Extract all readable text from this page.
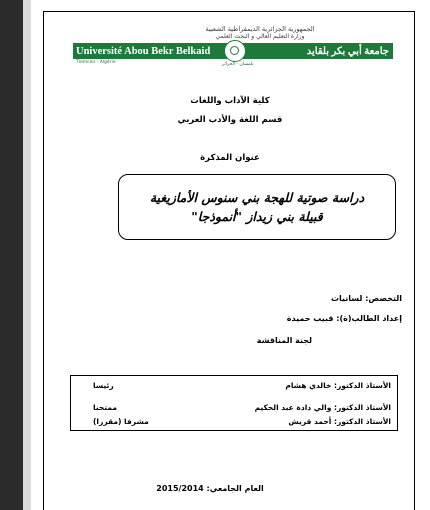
الجمهورية الجزائرية الديمقراطية الشعبية
وزارة التعليم العالي و البحث العلمي
Université Abou Bekr Belkaid	جامعة أبي بكر بلقايد
Tlemcen - Algérie	تلمسان - الجزائر
كلية الآداب واللغات
قسم اللغة والأدب العربي
عنوان المذكرة
دراسة صوتية للهجة بني سنوس الأمازيغية
قبيلة بني زيداز "أنموذجا"
التخصص: لسانيات
إعداد الطالب(ة): قبيب حميدة
لجنة المناقشة
الأستاذ الدكتور: خالدي هشام
رئيسا
الأستاذ الدكتور: والي دادة عبد الحكيم
ممتحنا
الأستاذ الدكتور: أحمد قريش
مشرفا (مقررا)
العام الجامعي: 2015/2014
